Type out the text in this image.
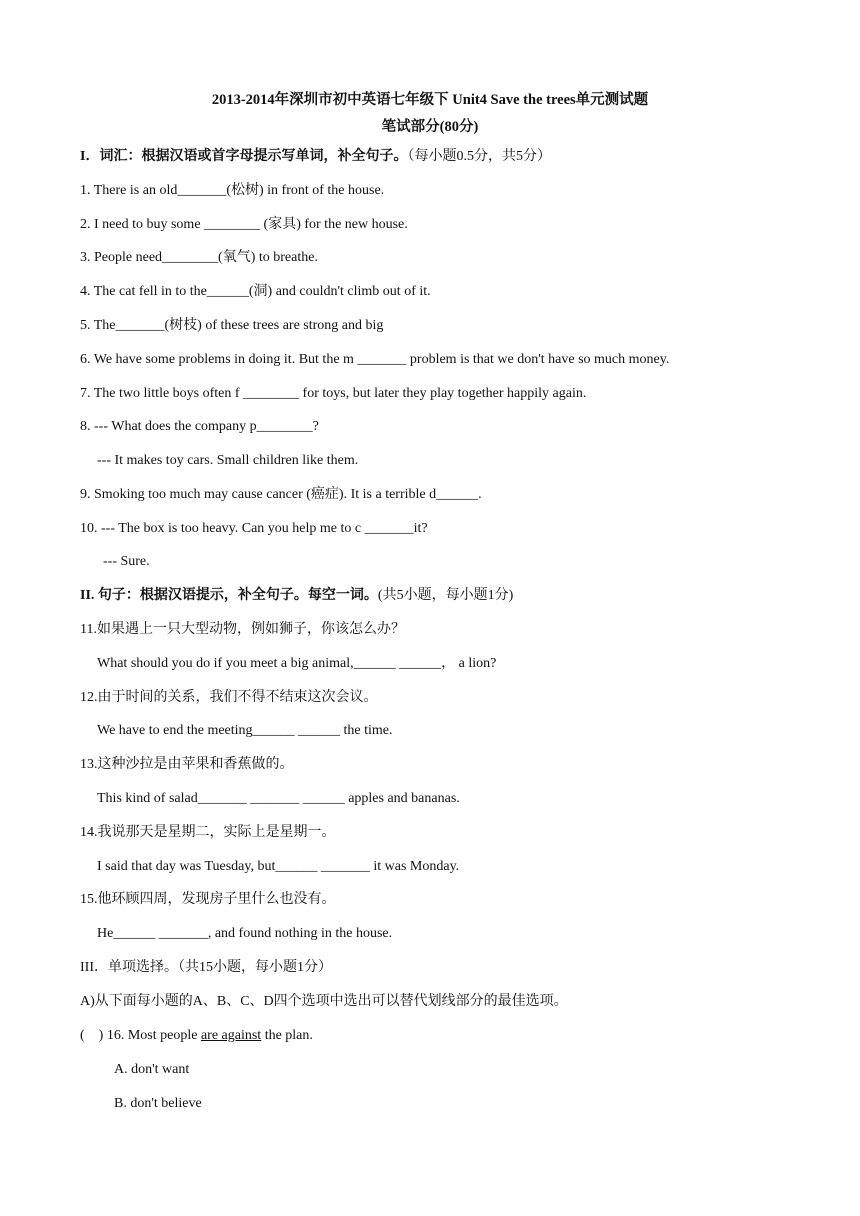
2013-2014年深圳市初中英语七年级下 Unit4 Save the trees单元测试题
笔试部分(80分)
I．词汇：根据汉语或首字母提示写单词，补全句子。（每小题0.5分，共5分）
1. There is an old_______(松树) in front of the house.
2. I need to buy some ________ (家具) for the new house.
3. People need________(氧气) to breathe.
4. The cat fell in to the______(洞) and couldn't climb out of it.
5. The_______(树枝) of these trees are strong and big
6. We have some problems in doing it. But the m _______ problem is that we don't have so much money.
7. The two little boys often f ________ for toys, but later they play together happily again.
8. --- What does the company p________?
--- It makes toy cars. Small children like them.
9. Smoking too much may cause cancer (癌症). It is a terrible d______.
10. --- The box is too heavy. Can you help me to c _______it?
--- Sure.
II. 句子：根据汉语提示，补全句子。每空一词。(共5小题，每小题1分)
11.如果遇上一只大型动物，例如狮子，你该怎么办？
What should you do if you meet a big animal,______ ______， a lion?
12.由于时间的关系，我们不得不结束这次会议。
We have to end the meeting______ ______ the time.
13.这种沙拉是由苹果和香蕉做的。
This kind of salad_______ _______ ______ apples and bananas.
14.我说那天是星期二，实际上是星期一。
I said that day was Tuesday, but______ _______ it was Monday.
15.他环顾四周，发现房子里什么也没有。
He______ _______, and found nothing in the house.
III．单项选择。（共15小题，每小题1分）
A)从下面每小题的A、B、C、D四个选项中选出可以替代划线部分的最佳选项。
(    ) 16. Most people are against the plan.
A. don't want
B. don't believe
